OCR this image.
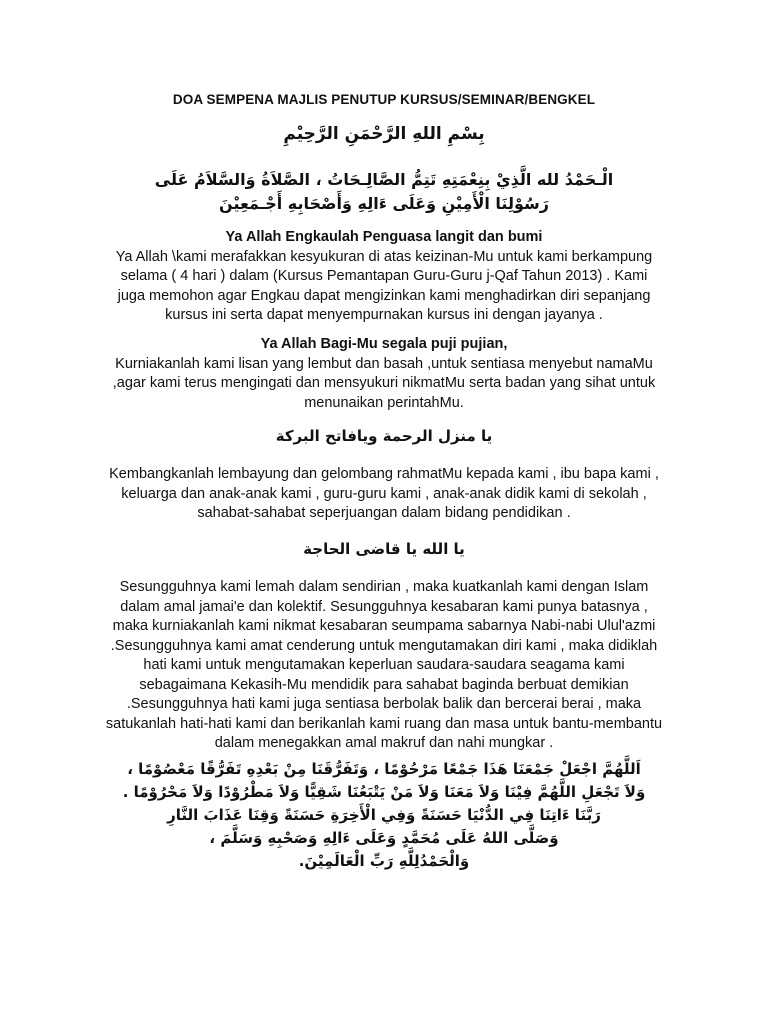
DOA SEMPENA MAJLIS PENUTUP KURSUS/SEMINAR/BENGKEL
بِسْمِ اللهِ الرَّحْمَنِ الرَّحِيْمِ
الْـحَمْدُ لله الَّذِيْ بِنِعْمَتِهِ تَتِمُّ الصَّالِـحَاتُ ، الصَّلاَةُ وَالسَّلاَمُ عَلَى
رَسُوْلِنَا الْأَمِيْنِ وَعَلَى ءَالِهِ وَأَصْحَابِهِ أَجْـمَعِيْنَ
Ya Allah Engkaulah Penguasa langit dan bumi
Ya Allah \kami merafakkan kesyukuran di atas keizinan-Mu untuk kami berkampung
selama ( 4 hari ) dalam (Kursus Pemantapan Guru-Guru j-Qaf Tahun 2013) . Kami
juga memohon agar Engkau dapat mengizinkan kami menghadirkan diri sepanjang
kursus ini serta dapat menyempurnakan kursus ini dengan jayanya .
Ya Allah Bagi-Mu segala puji pujian,
Kurniakanlah kami lisan yang lembut dan basah ,untuk sentiasa menyebut namaMu
,agar kami terus mengingati dan mensyukuri nikmatMu serta badan yang sihat untuk
menunaikan perintahMu.
يا منزل الرحمة ويافاتح البركة
Kembangkanlah lembayung dan gelombang rahmatMu kepada kami , ibu bapa kami ,
keluarga dan anak-anak kami , guru-guru kami , anak-anak didik kami di sekolah ,
sahabat-sahabat seperjuangan dalam bidang pendidikan .
يا الله يا قاضى الحاجة
Sesungguhnya kami lemah dalam sendirian , maka kuatkanlah kami dengan Islam
dalam amal jamai'e dan kolektif. Sesungguhnya kesabaran kami punya batasnya ,
maka kurniakanlah kami nikmat kesabaran seumpama sabarnya Nabi-nabi Ulul'azmi
.Sesungguhnya kami amat cenderung untuk mengutamakan diri kami , maka didiklah
hati kami untuk mengutamakan keperluan saudara-saudara seagama kami
sebagaimana Kekasih-Mu mendidik para sahabat baginda berbuat demikian
.Sesungguhnya hati kami juga sentiasa berbolak balik dan bercerai berai , maka
satukanlah hati-hati kami dan berikanlah kami ruang dan masa untuk bantu-membantu
dalam menegakkan amal makruf dan nahi mungkar .
اَللَّهُمَّ اجْعَلْ جَمْعَنَا هَذَا جَمْعًا مَرْحُوْمًا ، وَتَفَرُّقَنَا مِنْ بَعْدِهِ تَفَرُّقًا مَعْصُوْمًا ،
وَلاَ تَجْعَلِ اللَّهُمَّ فِيْنَا وَلاَ مَعَنَا وَلاَ مَنْ يَتْبَعُنَا شَقِيًّا وَلاَ مَطْرُوْدًا وَلاَ مَحْرُوْمًا .
رَبَّنَا ءَاتِنَا فِي الدُّنْيَا حَسَنَةً وَفِي الْأَخِرَةِ حَسَنَةً وَقِنَا عَذَابَ النَّارِ
وَصَلَّى اللهُ عَلَى مُحَمَّدٍ وَعَلَى ءَالِهِ وَصَحْبِهِ وَسَلَّمَ ،
وَالْحَمْدُلِلَّهِ رَبِّ الْعَالَمِيْنَ.
